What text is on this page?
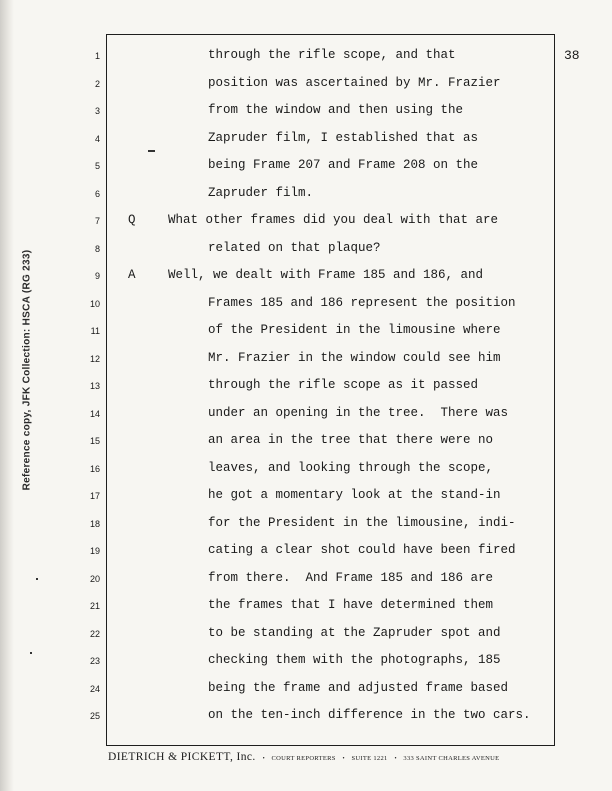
Reference copy, JFK Collection: HSCA (RG 233)
38
1	through the rifle scope, and that
2	position was ascertained by Mr. Frazier
3	from the window and then using the
4	Zapruder film, I established that as
5	being Frame 207 and Frame 208 on the
6	Zapruder film.
7 Q	What other frames did you deal with that are
8	related on that plaque?
9 A	Well, we dealt with Frame 185 and 186, and
10	Frames 185 and 186 represent the position
11	of the President in the limousine where
12	Mr. Frazier in the window could see him
13	through the rifle scope as it passed
14	under an opening in the tree.  There was
15	an area in the tree that there were no
16	leaves, and looking through the scope,
17	he got a momentary look at the stand-in
18	for the President in the limousine, indi-
19	cating a clear shot could have been fired
20	from there.  And Frame 185 and 186 are
21	the frames that I have determined them
22	to be standing at the Zapruder spot and
23	checking them with the photographs, 185
24	being the frame and adjusted frame based
25	on the ten-inch difference in the two cars.
DIETRICH & PICKETT, Inc. • COURT REPORTERS • SUITE 1221 • 333 SAINT CHARLES AVENUE
